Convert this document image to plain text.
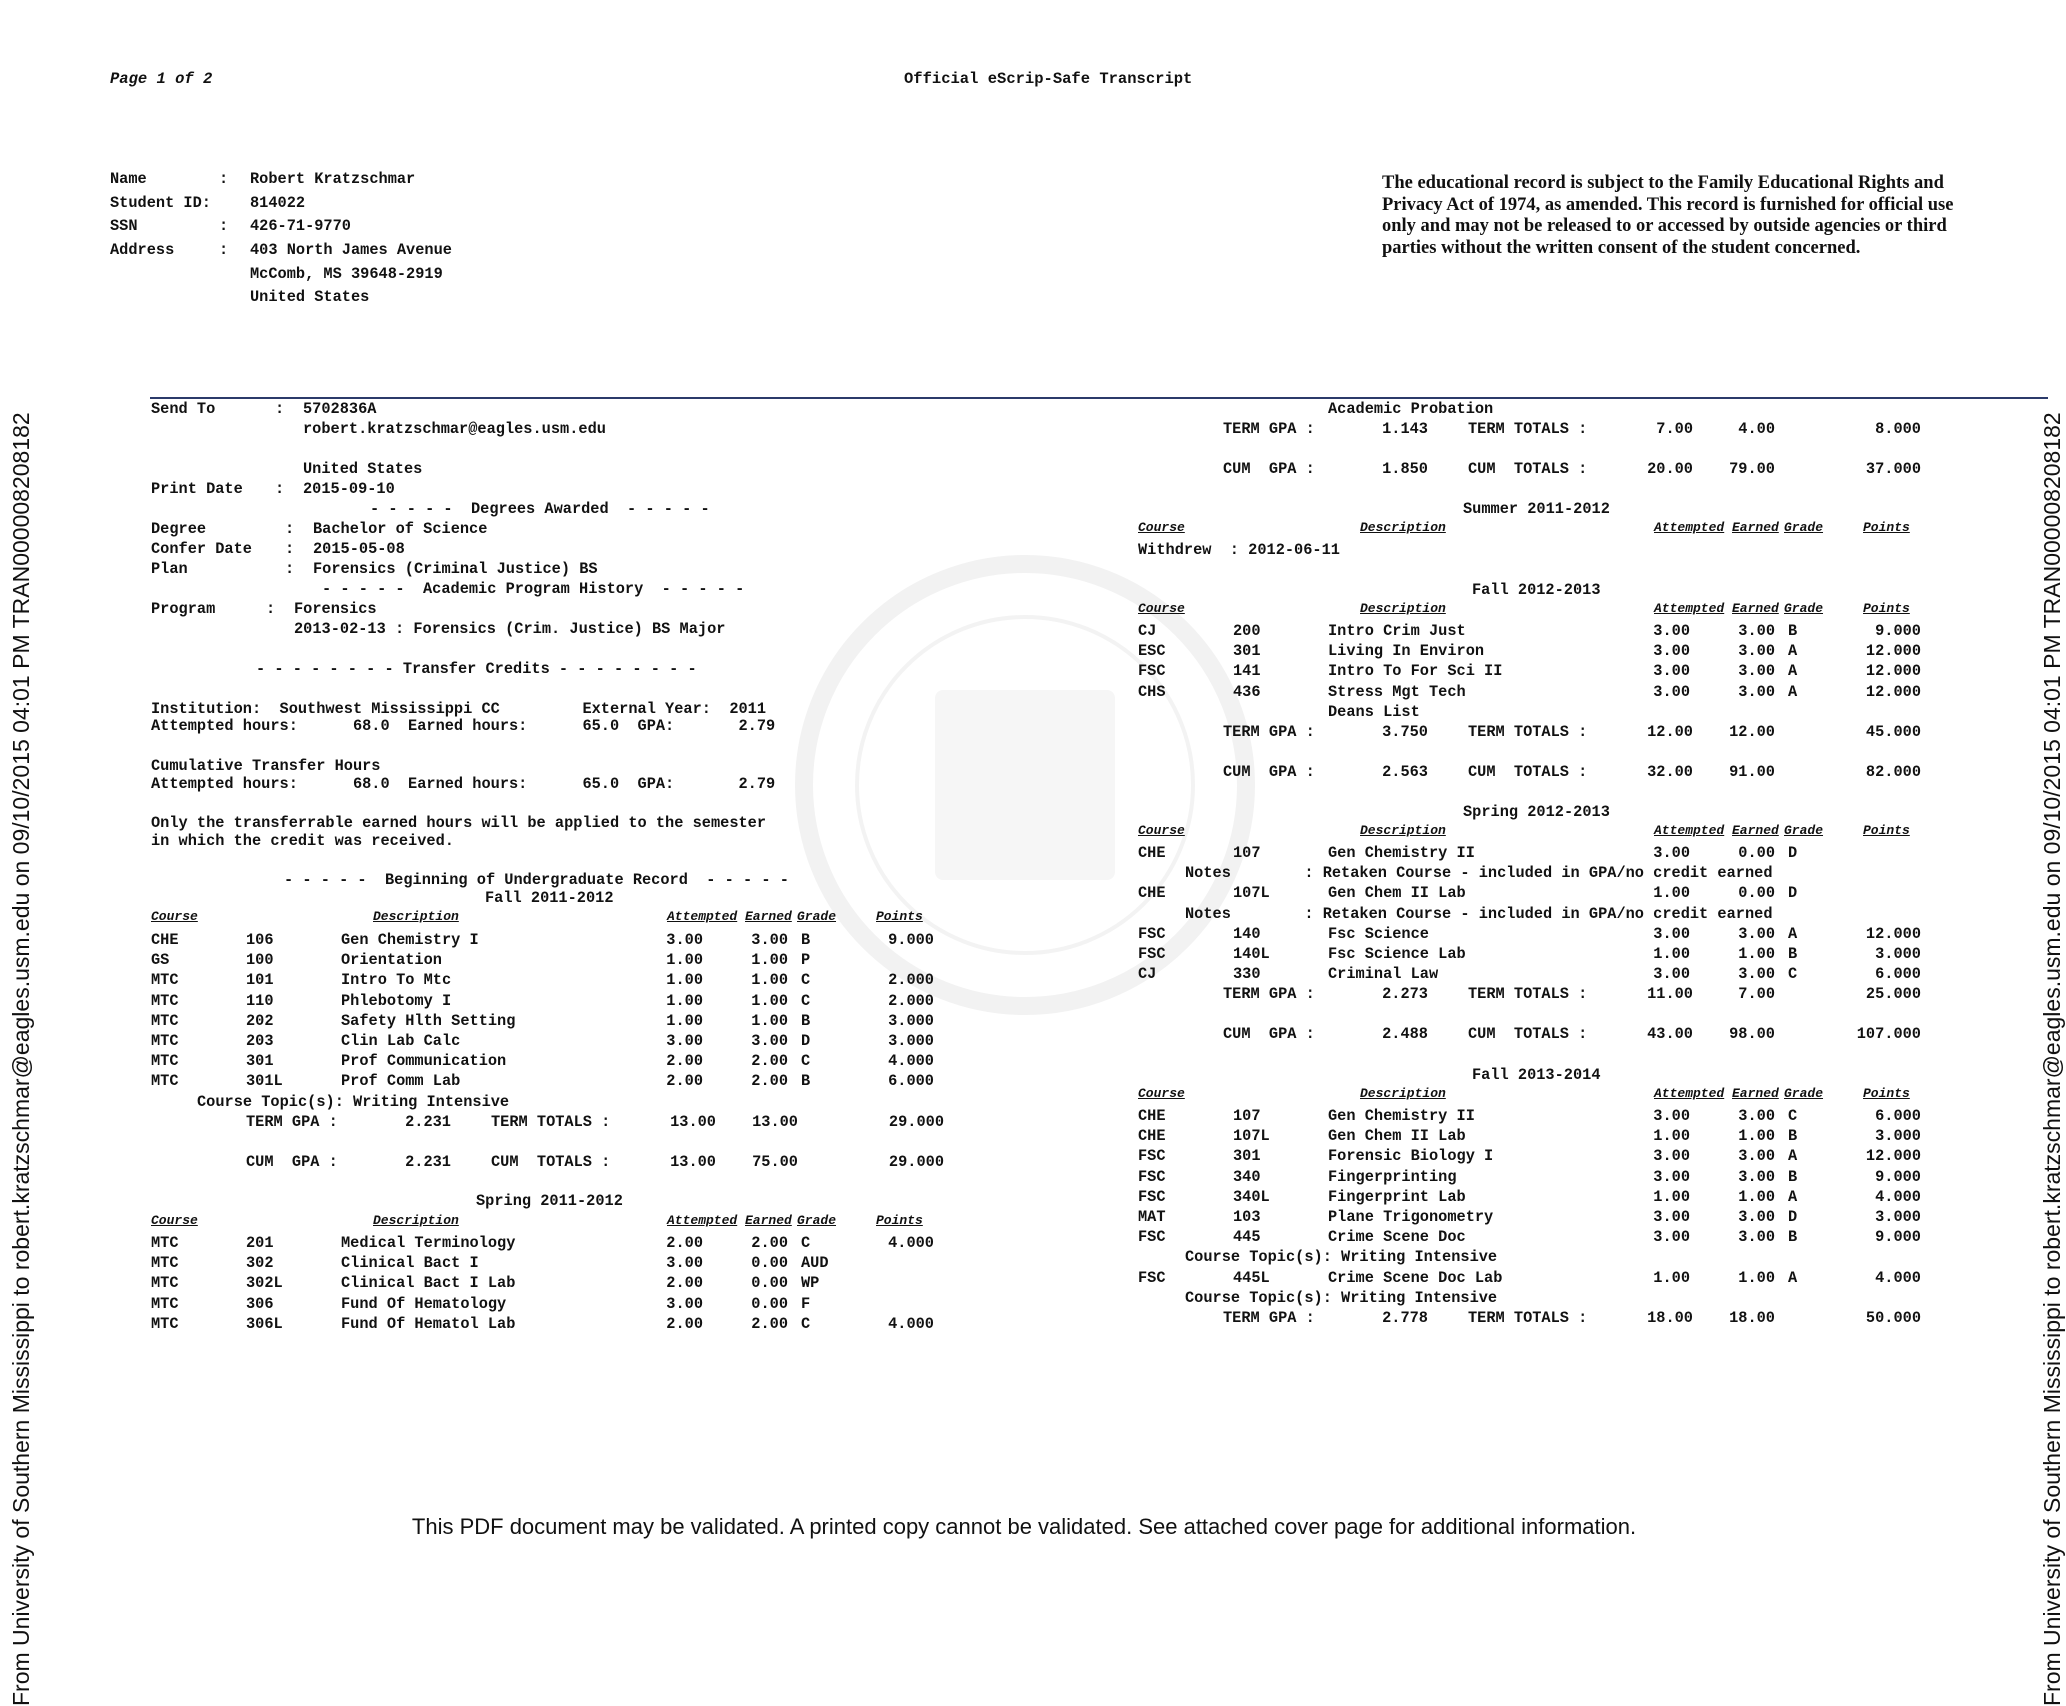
From University of Southern Mississippi to robert.kratzschmar@eagles.usm.edu on 09/10/2015 04:01 PM TRAN000008208182	From University of Southern Mississippi to robert.kratzschmar@eagles.usm.edu on 09/10/2015 04:01 PM TRAN000008208182
Page 1 of 2	Official eScrip-Safe Transcript
Name	: Robert Kratzschmar
Student ID:	814022
SSN	: 426-71-9770
Address	: 403 North James Avenue
McComb, MS 39648-2919
United States
The educational record is subject to the Family Educational Rights and Privacy Act of 1974, as amended. This record is furnished for official use only and may not be released to or accessed by outside agencies or third parties without the written consent of the student concerned.
Send To	: 5702836A
robert.kratzschmar@eagles.usm.edu
United States
Print Date : 2015-09-10
- - - - -  Degrees Awarded  - - - - -
Degree	: Bachelor of Science
Confer Date : 2015-05-08
Plan	: Forensics (Criminal Justice) BS
- - - - -  Academic Program History  - - - - -
Program	: Forensics
2013-02-13 : Forensics (Crim. Justice) BS Major
- - - - - - - - Transfer Credits - - - - - - - -
Institution:  Southwest Mississippi CC         External Year:  2011
Attempted hours:      68.0  Earned hours:      65.0  GPA:       2.79
Cumulative Transfer Hours
Attempted hours:      68.0  Earned hours:      65.0  GPA:       2.79
Only the transferrable earned hours will be applied to the semester
in which the credit was received.
- - - - -  Beginning of Undergraduate Record  - - - - -
Fall 2011-2012
Course	Description	Attempted Earned Grade	Points
CHE	106	Gen Chemistry I	3.00	3.00 B	9.000
GS	100	Orientation	1.00	1.00 P
MTC	101	Intro To Mtc	1.00	1.00 C	2.000
MTC	110	Phlebotomy I	1.00	1.00 C	2.000
MTC	202	Safety Hlth Setting	1.00	1.00 B	3.000
MTC	203	Clin Lab Calc	3.00	3.00 D	3.000
MTC	301	Prof Communication	2.00	2.00 C	4.000
MTC	301L	Prof Comm Lab	2.00	2.00 B	6.000
Course Topic(s): Writing Intensive
TERM GPA :	2.231	TERM TOTALS :	13.00	13.00	29.000
CUM  GPA :	2.231	CUM  TOTALS :	13.00	75.00	29.000
Spring 2011-2012
Course	Description	Attempted Earned Grade	Points
MTC	201	Medical Terminology	2.00	2.00 C	4.000
MTC	302	Clinical Bact I	3.00	0.00 AUD
MTC	302L	Clinical Bact I Lab	2.00	0.00 WP
MTC	306	Fund Of Hematology	3.00	0.00 F
MTC	306L	Fund Of Hematol Lab	2.00	2.00 C	4.000
Academic Probation
TERM GPA :	1.143	TERM TOTALS :	7.00	4.00	8.000
CUM  GPA :	1.850	CUM  TOTALS :	20.00	79.00	37.000
Summer 2011-2012
Course	Description	Attempted Earned Grade	Points
Withdrew  : 2012-06-11
Fall 2012-2013
Course	Description	Attempted Earned Grade	Points
CJ	200	Intro Crim Just	3.00	3.00 B	9.000
ESC	301	Living In Environ	3.00	3.00 A	12.000
FSC	141	Intro To For Sci II	3.00	3.00 A	12.000
CHS	436	Stress Mgt Tech	3.00	3.00 A	12.000
Deans List
TERM GPA :	3.750	TERM TOTALS :	12.00	12.00	45.000
CUM  GPA :	2.563	CUM  TOTALS :	32.00	91.00	82.000
Spring 2012-2013
Course	Description	Attempted Earned Grade	Points
CHE	107	Gen Chemistry II	3.00	0.00 D
Notes        : Retaken Course - included in GPA/no credit earned
CHE	107L	Gen Chem II Lab	1.00	0.00 D
Notes        : Retaken Course - included in GPA/no credit earned
FSC	140	Fsc Science	3.00	3.00 A	12.000
FSC	140L	Fsc Science Lab	1.00	1.00 B	3.000
CJ	330	Criminal Law	3.00	3.00 C	6.000
TERM GPA :	2.273	TERM TOTALS :	11.00	7.00	25.000
CUM  GPA :	2.488	CUM  TOTALS :	43.00	98.00	107.000
Fall 2013-2014
Course	Description	Attempted Earned Grade	Points
CHE	107	Gen Chemistry II	3.00	3.00 C	6.000
CHE	107L	Gen Chem II Lab	1.00	1.00 B	3.000
FSC	301	Forensic Biology I	3.00	3.00 A	12.000
FSC	340	Fingerprinting	3.00	3.00 B	9.000
FSC	340L	Fingerprint Lab	1.00	1.00 A	4.000
MAT	103	Plane Trigonometry	3.00	3.00 D	3.000
FSC	445	Crime Scene Doc	3.00	3.00 B	9.000
Course Topic(s): Writing Intensive
FSC	445L	Crime Scene Doc Lab	1.00	1.00 A	4.000
Course Topic(s): Writing Intensive
TERM GPA :	2.778	TERM TOTALS :	18.00	18.00	50.000
This PDF document may be validated. A printed copy cannot be validated. See attached cover page for additional information.
